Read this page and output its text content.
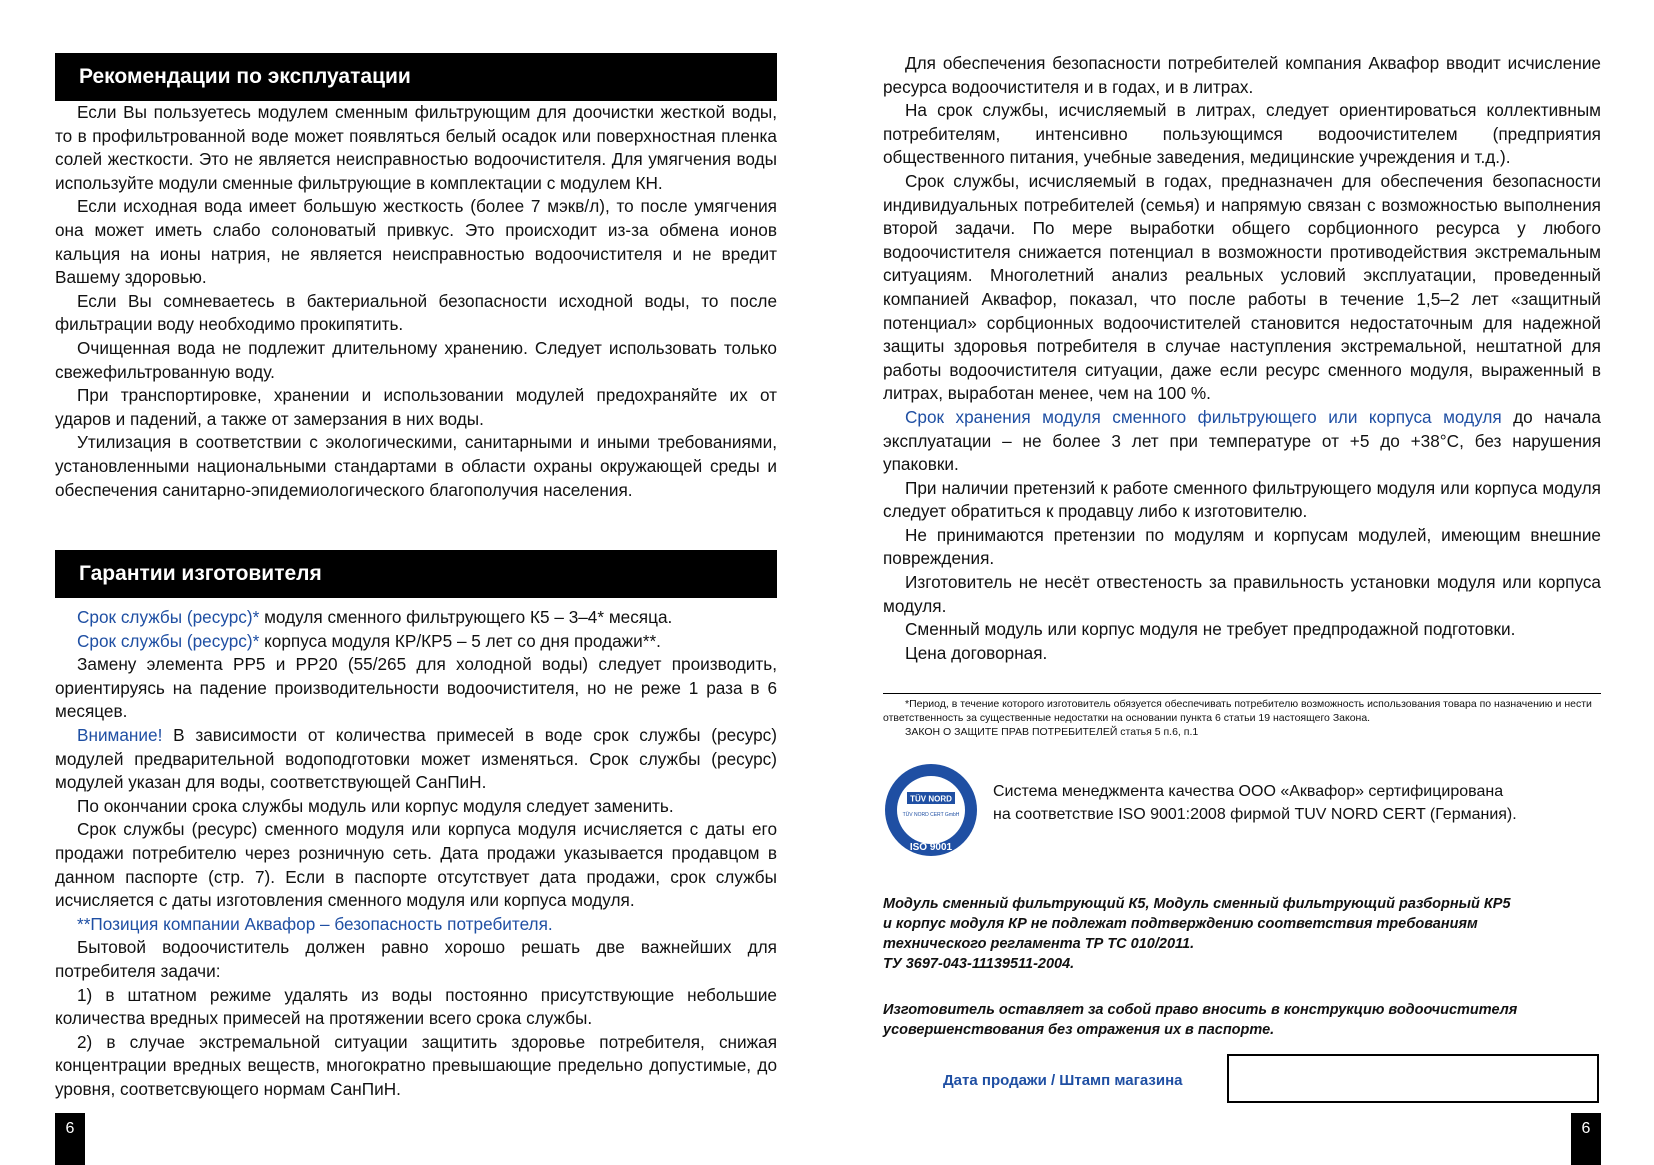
Рекомендации по эксплуатации

Если Вы пользуетесь модулем сменным фильтрующим для доочистки жесткой воды, то в профильтрованной воде может появляться белый осадок или поверхностная пленка солей жесткости. Это не является неисправностью водоочистителя. Для умягчения воды используйте модули сменные фильтрующие в комплектации с модулем КН.

Если исходная вода имеет большую жесткость (более 7 мэкв/л), то после умягчения она может иметь слабо солоноватый привкус. Это происходит из-за обмена ионов кальция на ионы натрия, не является неисправностью водоочистителя и не вредит Вашему здоровью.

Если Вы сомневаетесь в бактериальной безопасности исходной воды, то после фильтрации воду необходимо прокипятить.

Очищенная вода не подлежит длительному хранению. Следует использовать только свежефильтрованную воду.

При транспортировке, хранении и использовании модулей предохраняйте их от ударов и падений, а также от замерзания в них воды.

Утилизация в соответствии с экологическими, санитарными и иными требованиями, установленными национальными стандартами в области охраны окружающей среды и обеспечения санитарно-эпидемиологического благополучия населения.

Гарантии изготовителя

Срок службы (ресурс)* модуля сменного фильтрующего К5 – 3–4* месяца.

Срок службы (ресурс)* корпуса модуля КР/КР5 – 5 лет со дня продажи**.

Замену элемента PP5 и PP20 (55/265 для холодной воды) следует производить, ориентируясь на падение производительности водоочистителя, но не реже 1 раза в 6 месяцев.

Внимание! В зависимости от количества примесей в воде срок службы (ресурс) модулей предварительной водоподготовки может изменяться. Срок службы (ресурс) модулей указан для воды, соответствующей СанПиН.

По окончании срока службы модуль или корпус модуля следует заменить.

Срок службы (ресурс) сменного модуля или корпуса модуля исчисляется с даты его продажи потребителю через розничную сеть. Дата продажи указывается продавцом в данном паспорте (стр. 7). Если в паспорте отсутствует дата продажи, срок службы исчисляется с даты изготовления сменного модуля или корпуса модуля.

**Позиция компании Аквафор – безопасность потребителя.

Бытовой водоочиститель должен равно хорошо решать две важнейших для потребителя задачи:

1) в штатном режиме удалять из воды постоянно присутствующие небольшие количества вредных примесей на протяжении всего срока службы.

2) в случае экстремальной ситуации защитить здоровье потребителя, снижая концентрации вредных веществ, многократно превышающие предельно допустимые, до уровня, соответсвующего нормам СанПиН.

6

Для обеспечения безопасности потребителей компания Аквафор вводит исчисление ресурса водоочистителя и в годах, и в литрах.

На срок службы, исчисляемый в литрах, следует ориентироваться коллективным потребителям, интенсивно пользующимся водоочистителем (предприятия общественного питания, учебные заведения, медицинские учреждения и т.д.).

Срок службы, исчисляемый в годах, предназначен для обеспечения безопасности индивидуальных потребителей (семья) и напрямую связан с возможностью выполнения второй задачи. По мере выработки общего сорбционного ресурса у любого водоочистителя снижается потенциал в возможности противодействия экстремальным ситуациям. Многолетний анализ реальных условий эксплуатации, проведенный компанией Аквафор, показал, что после работы в течение 1,5–2 лет «защитный потенциал» сорбционных водоочистителей становится недостаточным для надежной защиты здоровья потребителя в случае наступления экстремальной, нештатной для работы водоочистителя ситуации, даже если ресурс сменного модуля, выраженный в литрах, выработан менее, чем на 100 %.

Срок хранения модуля сменного фильтрующего или корпуса модуля до начала эксплуатации – не более 3 лет при температуре от +5 до +38°C, без нарушения упаковки.

При наличии претензий к работе сменного фильтрующего модуля или корпуса модуля следует обратиться к продавцу либо к изготовителю.

Не принимаются претензии по модулям и корпусам модулей, имеющим внешние повреждения.

Изготовитель не несёт отвестеность за правильность установки модуля или корпуса модуля.

Сменный модуль или корпус модуля не требует предпродажной подготовки.

Цена договорная.

*Период, в течение которого изготовитель обязуется обеспечивать потребителю возможность использования товара по назначению и нести ответственность за существенные недостатки на основании пункта 6 статьи 19 настоящего Закона.

ЗАКОН О ЗАЩИТЕ ПРАВ ПОТРЕБИТЕЛЕЙ статья 5 п.6, п.1

TÜV NORD
TÜV NORD CERT GmbH
ISO 9001
Система менеджмента качества ООО «Аквафор» сертифицирована
на соответствие ISO 9001:2008 фирмой TUV NORD CERT (Германия).

Модуль сменный фильтрующий К5, Модуль сменный фильтрующий разборный КР5

и корпус модуля КР не подлежат подтверждению соответствия требованиям

технического регламента ТР ТС 010/2011.

ТУ 3697-043-11139511-2004.

Изготовитель оставляет за собой право вносить в конструкцию водоочистителя

усовершенствования без отражения их в паспорте.

Дата продажи / Штамп магазина
6
